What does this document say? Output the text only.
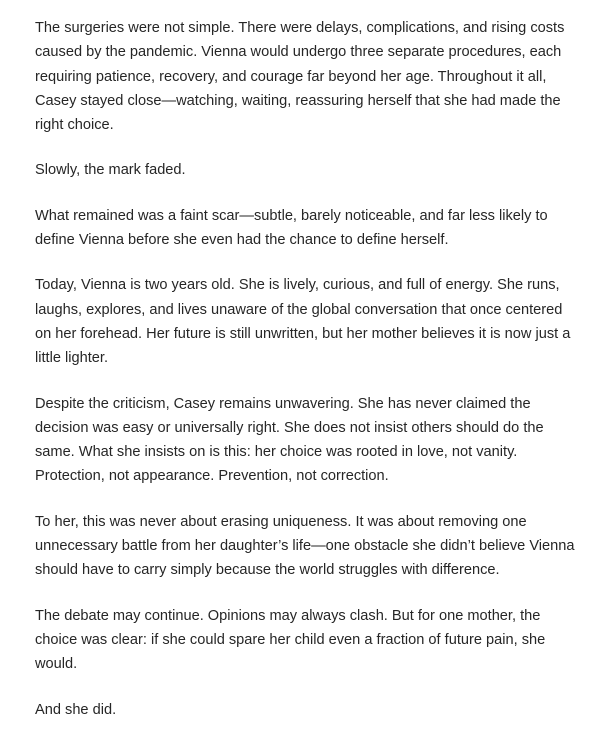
The surgeries were not simple. There were delays, complications, and rising costs caused by the pandemic. Vienna would undergo three separate procedures, each requiring patience, recovery, and courage far beyond her age. Throughout it all, Casey stayed close—watching, waiting, reassuring herself that she had made the right choice.

Slowly, the mark faded.

What remained was a faint scar—subtle, barely noticeable, and far less likely to define Vienna before she even had the chance to define herself.

Today, Vienna is two years old. She is lively, curious, and full of energy. She runs, laughs, explores, and lives unaware of the global conversation that once centered on her forehead. Her future is still unwritten, but her mother believes it is now just a little lighter.

Despite the criticism, Casey remains unwavering. She has never claimed the decision was easy or universally right. She does not insist others should do the same. What she insists on is this: her choice was rooted in love, not vanity. Protection, not appearance. Prevention, not correction.

To her, this was never about erasing uniqueness. It was about removing one unnecessary battle from her daughter’s life—one obstacle she didn’t believe Vienna should have to carry simply because the world struggles with difference.

The debate may continue. Opinions may always clash. But for one mother, the choice was clear: if she could spare her child even a fraction of future pain, she would.

And she did.
